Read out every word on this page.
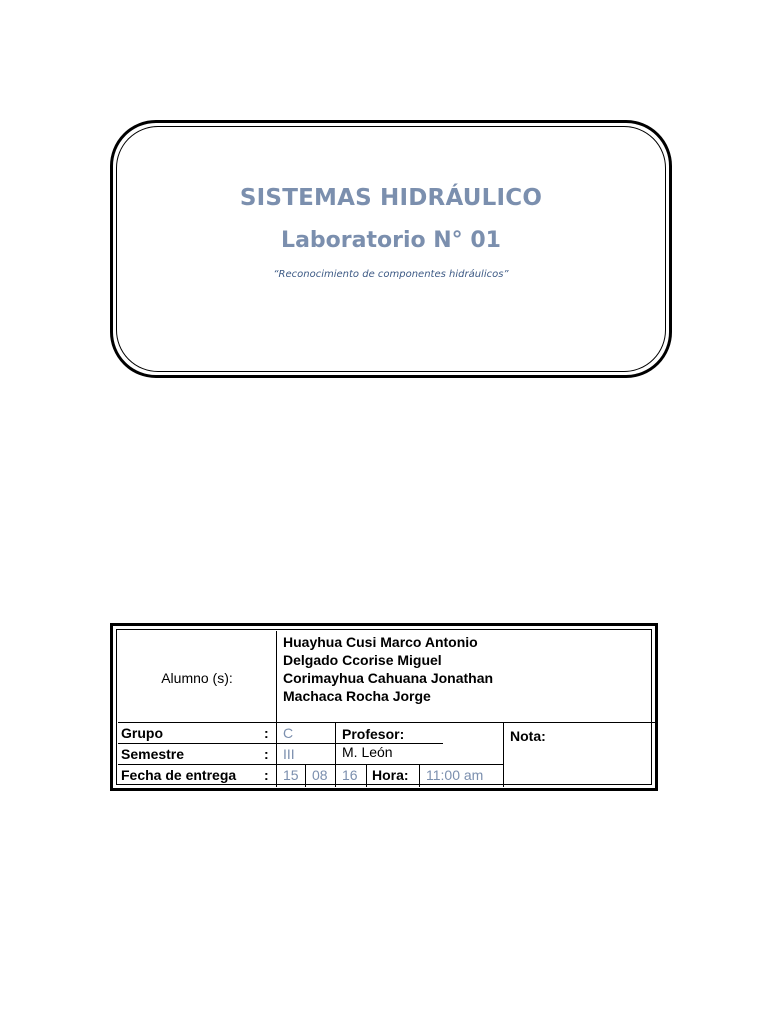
SISTEMAS HIDRÁULICO
Laboratorio N° 01
“Reconocimiento de componentes hidráulicos”
Alumno (s):
Huayhua Cusi Marco Antonio
Delgado Ccorise Miguel
Corimayhua Cahuana Jonathan
Machaca Rocha Jorge
Grupo	: C
Semestre	: III
Fecha de entrega : 15 08 16 Hora: 11:00 am
Profesor:
M. León
Nota:
